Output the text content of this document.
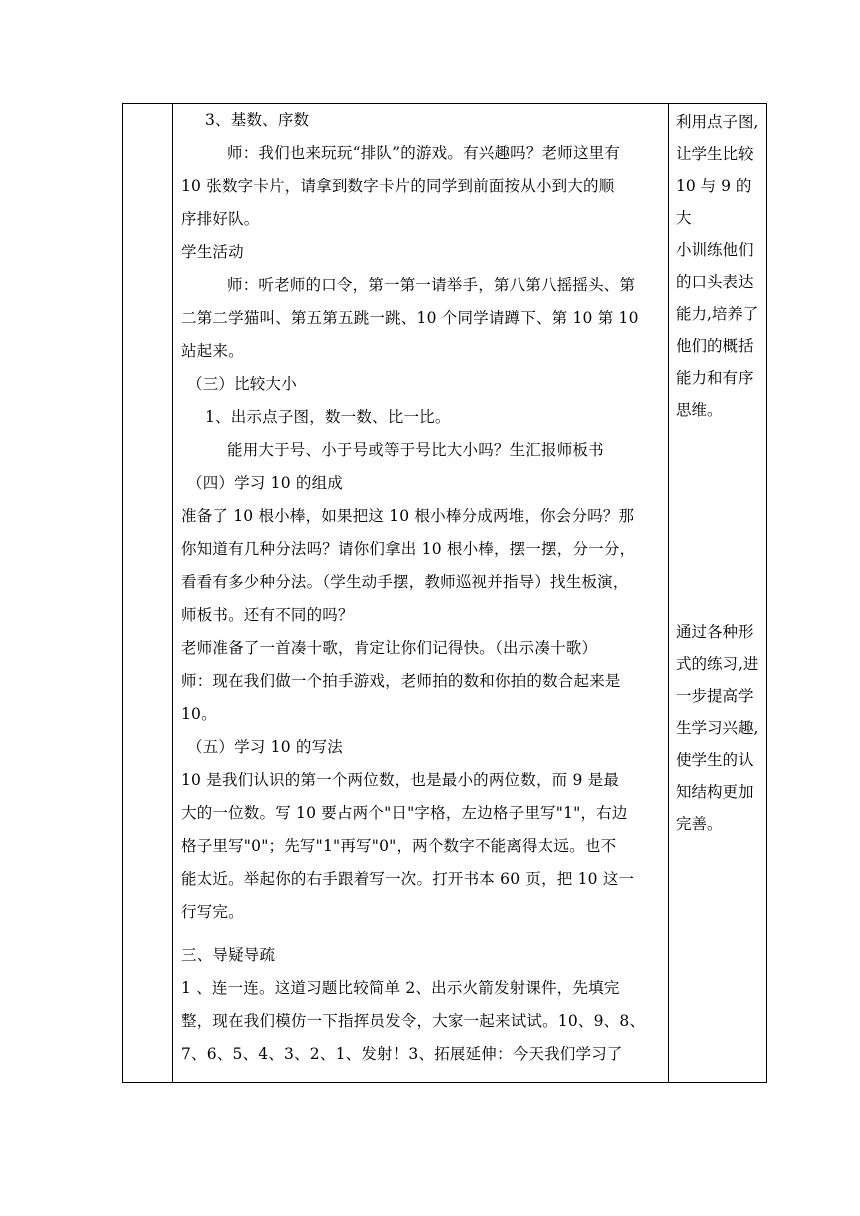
3、基数、序数

师：我们也来玩玩“排队”的游戏。有兴趣吗？老师这里有

10 张数字卡片，请拿到数字卡片的同学到前面按从小到大的顺

序排好队。

学生活动

师：听老师的口令，第一第一请举手，第八第八摇摇头、第

二第二学猫叫、第五第五跳一跳、10 个同学请蹲下、第 10 第 10

站起来。

（三）比较大小

1、出示点子图，数一数、比一比。

能用大于号、小于号或等于号比大小吗？生汇报师板书

（四）学习 10 的组成

准备了 10 根小棒，如果把这 10 根小棒分成两堆，你会分吗？那

你知道有几种分法吗？请你们拿出 10 根小棒，摆一摆，分一分，

看看有多少种分法。（学生动手摆，教师巡视并指导）找生板演，

师板书。还有不同的吗？

老师准备了一首凑十歌，肯定让你们记得快。（出示凑十歌）

师：现在我们做一个拍手游戏，老师拍的数和你拍的数合起来是

10。

（五）学习 10 的写法

10 是我们认识的第一个两位数，也是最小的两位数，而 9 是最

大的一位数。写 10 要占两个"日"字格，左边格子里写"1"，右边

格子里写"0"；先写"1"再写"0"，两个数字不能离得太远。也不

能太近。举起你的右手跟着写一次。打开书本 60 页，把 10 这一

行写完。

三、导疑导疏

1 、连一连。这道习题比较简单 2、出示火箭发射课件，先填完

整，现在我们模仿一下指挥员发令，大家一起来试试。10、9、8、

7、6、5、4、3、2、1、发射！3、拓展延伸：今天我们学习了

利用点子图,
让学生比较
10 与 9 的大
小训练他们
的口头表达
能力,培养了
他们的概括
能力和有序
思维。
通过各种形
式的练习,进
一步提高学
生学习兴趣,
使学生的认
知结构更加
完善。
